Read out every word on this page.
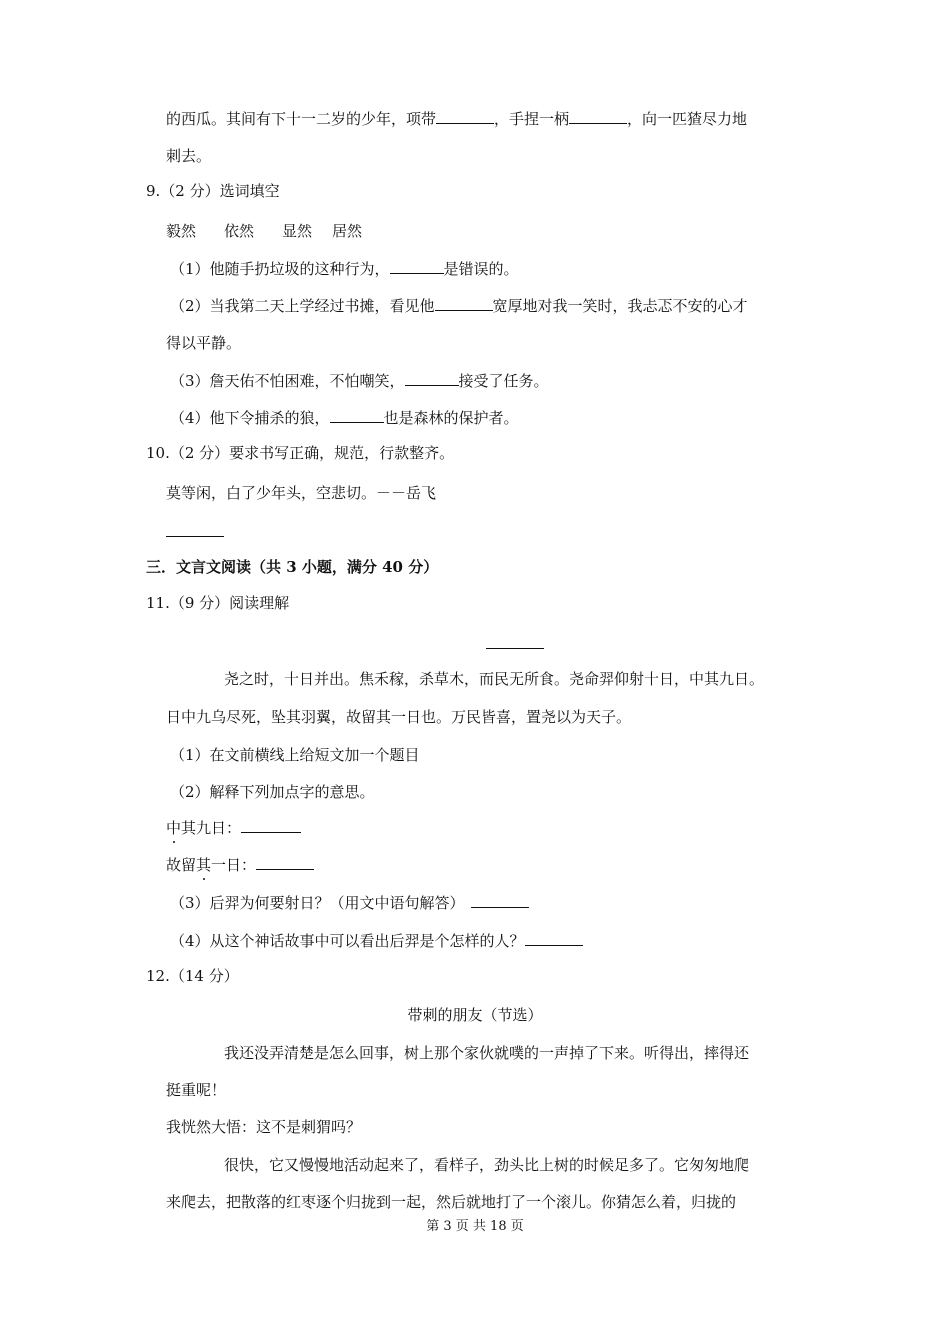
的西瓜。其间有下十一二岁的少年，项带	，手捏一柄	，向一匹猹尽力地
刺去。
9.（2 分）选词填空
毅然 依然 显然 居然
（1）他随手扔垃圾的这种行为，	是错误的。
（2）当我第二天上学经过书摊，看见他	宽厚地对我一笑时，我忐忑不安的心才
得以平静。
（3）詹天佑不怕困难，不怕嘲笑，	接受了任务。
（4）他下令捕杀的狼，	也是森林的保护者。
10.（2 分）要求书写正确，规范，行款整齐。
莫等闲，白了少年头，空悲切。－－岳飞
三．文言文阅读（共 3 小题，满分 40 分）
11.（9 分）阅读理解
尧之时，十日并出。焦禾稼，杀草木，而民无所食。尧命羿仰射十日，中其九日。
日中九乌尽死，坠其羽翼，故留其一日也。万民皆喜，置尧以为天子。
（1）在文前横线上给短文加一个题目
（2）解释下列加点字的意思。
中其九日：
故留其一日：
（3）后羿为何要射日？（用文中语句解答）
（4）从这个神话故事中可以看出后羿是个怎样的人？
12.（14 分）
带刺的朋友（节选）
我还没弄清楚是怎么回事，树上那个家伙就噗的一声掉了下来。听得出，摔得还
挺重呢！
我恍然大悟：这不是刺猬吗？
很快，它又慢慢地活动起来了，看样子，劲头比上树的时候足多了。它匆匆地爬
来爬去，把散落的红枣逐个归拢到一起，然后就地打了一个滚儿。你猜怎么着，归拢的
第 3 页 共 18 页
